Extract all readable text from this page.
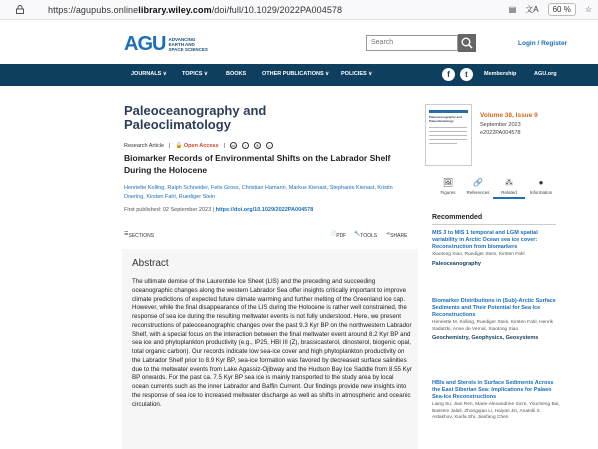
https://agupubs.onlinelibrary.wiley.com/doi/full/10.1029/2022PA004578	▤ 文A	60 %	☆
AGU ADVANCING
EARTH AND
SPACE SCIENCES
Search	Login / Register
JOURNALS ∨	TOPICS ∨	BOOKS	OTHER PUBLICATIONS ∨ POLICIES ∨	f	t	Membership	AGU.org
Paleoceanography and
Paleoclimatology
Research Article | 🔓 Open Access |	cc	i	$	=
Biomarker Records of Environmental Shifts on the Labrador Shelf During the Holocene
Henriette Kolling, Ralph Schneider, Felix Gross, Christian Hamann, Markus Kienast, Stephanie Kienast, Kristin Doering, Kirsten Fahl, Ruediger Stein
First published: 02 September 2023 | https://doi.org/10.1029/2022PA004578
☰ SECTIONS	📄 PDF 🔧 TOOLS ⋖ SHARE
Abstract
The ultimate demise of the Laurentide Ice Sheet (LIS) and the preceding and succeeding oceanographic changes along the western Labrador Sea offer insights critically important to improve climate predictions of expected future climate warming and further melting of the Greenland ice cap. However, while the final disappearance of the LIS during the Holocene is rather well constrained, the response of sea ice during the resulting meltwater events is not fully understood. Here, we present reconstructions of paleoceanographic changes over the past 9.3 Kyr BP on the northwestern Labrador Shelf, with a special focus on the interaction between the final meltwater event around 8.2 Kyr BP and sea ice and phytoplankton productivity (e.g., IP25, HBI III (Z), brassicasterol, dinosterol, biogenic opal, total organic carbon). Our records indicate low sea-ice cover and high phytoplankton productivity on the Labrador Shelf prior to 8.9 Kyr BP, sea-ice formation was favored by decreased surface salinities due to the meltwater events from Lake Agassiz-Ojibway and the Hudson Bay Ice Saddle from 8.55 Kyr BP onwards. For the past ca. 7.5 Kyr BP sea ice is mainly transported to the study area by local ocean currents such as the inner Labrador and Baffin Current. Our findings provide new insights into the response of sea ice to increased meltwater discharge as well as shifts in atmospheric and oceanic circulation.
Paleoceanography and Paleoclimatology
Volume 38, Issue 9
September 2023
e2022PA004578
🖼
Figures
🔗
References
⁂
Related
●
Information
Recommended
MIS 3 to MIS 1 temporal and LGM spatial variability in Arctic Ocean sea ice cover: Reconstruction from biomarkers
Xiaotong Xiao, Ruediger Stein, Kirsten Fahl
Paleoceanography
Biomarker Distributions in (Sub)-Arctic Surface Sediments and Their Potential for Sea Ice Reconstructions
Henriette M. Kolling, Ruediger Stein, Kirsten Fahl, Henrik Sadatzki, Anne de Vernal, Xiaotong Xiao
Geochemistry, Geophysics, Geosystems
HBIs and Sterols in Surface Sediments Across the East Siberian Sea: Implications for Palaeo Sea-Ice Reconstructions
Liang Su, Jian Ren, Marie-Alexandrine Sicre, Youcheng Bai, Bassem Jalali, Zhongqiao Li, Haiyan Jin, Anatolii S. Astakhov, Xuefa Shi, Jianfang Chen
